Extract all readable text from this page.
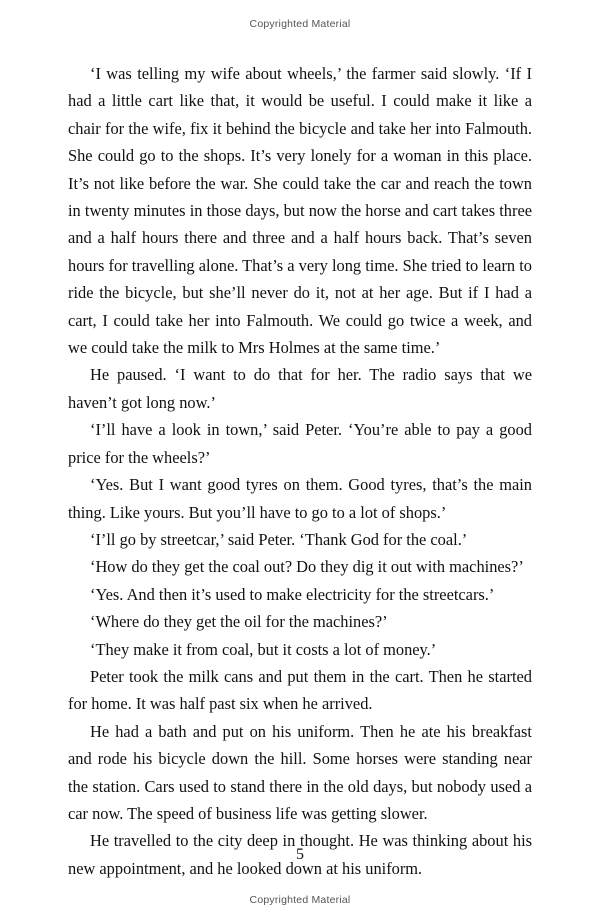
Copyrighted Material

‘I was telling my wife about wheels,’ the farmer said slowly. ‘If I had a little cart like that, it would be useful. I could make it like a chair for the wife, fix it behind the bicycle and take her into Falmouth. She could go to the shops. It’s very lonely for a woman in this place. It’s not like before the war. She could take the car and reach the town in twenty minutes in those days, but now the horse and cart takes three and a half hours there and three and a half hours back. That’s seven hours for travelling alone. That’s a very long time. She tried to learn to ride the bicycle, but she’ll never do it, not at her age. But if I had a cart, I could take her into Falmouth. We could go twice a week, and we could take the milk to Mrs Holmes at the same time.’

He paused. ‘I want to do that for her. The radio says that we haven’t got long now.’

‘I’ll have a look in town,’ said Peter. ‘You’re able to pay a good price for the wheels?’

‘Yes. But I want good tyres on them. Good tyres, that’s the main thing. Like yours. But you’ll have to go to a lot of shops.’

‘I’ll go by streetcar,’ said Peter. ‘Thank God for the coal.’

‘How do they get the coal out? Do they dig it out with machines?’

‘Yes. And then it’s used to make electricity for the streetcars.’

‘Where do they get the oil for the machines?’

‘They make it from coal, but it costs a lot of money.’

Peter took the milk cans and put them in the cart. Then he started for home. It was half past six when he arrived.

He had a bath and put on his uniform. Then he ate his breakfast and rode his bicycle down the hill. Some horses were standing near the station. Cars used to stand there in the old days, but nobody used a car now. The speed of business life was getting slower.

He travelled to the city deep in thought. He was thinking about his new appointment, and he looked down at his uniform.

5
Copyrighted Material
